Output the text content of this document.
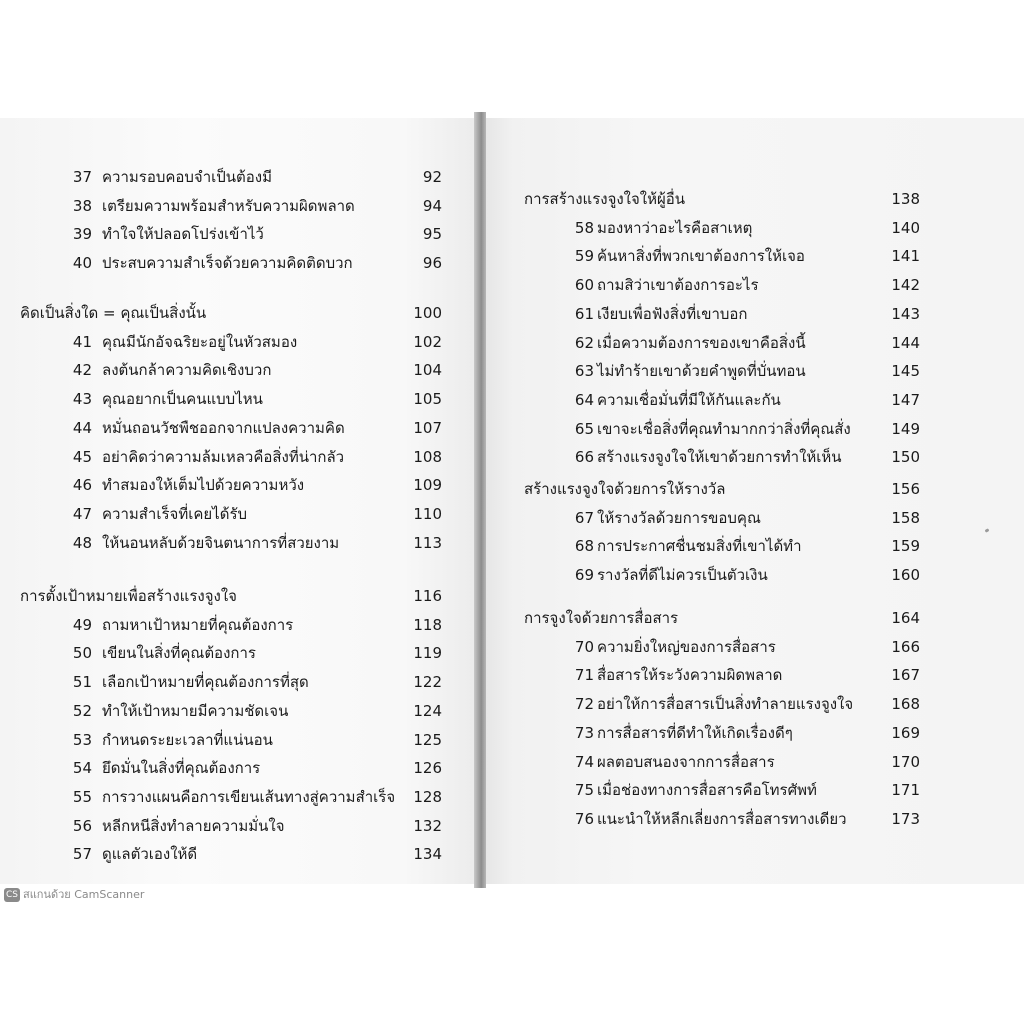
37 ความรอบคอบจำเป็นต้องมี	92
38 เตรียมความพร้อมสำหรับความผิดพลาด	94
39 ทำใจให้ปลอดโปร่งเข้าไว้	95
40 ประสบความสำเร็จด้วยความคิดติดบวก	96
คิดเป็นสิ่งใด = คุณเป็นสิ่งนั้น	100
41 คุณมีนักอัจฉริยะอยู่ในหัวสมอง	102
42 ลงต้นกล้าความคิดเชิงบวก	104
43 คุณอยากเป็นคนแบบไหน	105
44 หมั่นถอนวัชพืชออกจากแปลงความคิด	107
45 อย่าคิดว่าความล้มเหลวคือสิ่งที่น่ากลัว	108
46 ทำสมองให้เต็มไปด้วยความหวัง	109
47 ความสำเร็จที่เคยได้รับ	110
48 ให้นอนหลับด้วยจินตนาการที่สวยงาม	113
การตั้งเป้าหมายเพื่อสร้างแรงจูงใจ	116
49 ถามหาเป้าหมายที่คุณต้องการ	118
50 เขียนในสิ่งที่คุณต้องการ	119
51 เลือกเป้าหมายที่คุณต้องการที่สุด	122
52 ทำให้เป้าหมายมีความชัดเจน	124
53 กำหนดระยะเวลาที่แน่นอน	125
54 ยึดมั่นในสิ่งที่คุณต้องการ	126
55 การวางแผนคือการเขียนเส้นทางสู่ความสำเร็จ	128
56 หลีกหนีสิ่งทำลายความมั่นใจ	132
57 ดูแลตัวเองให้ดี	134
การสร้างแรงจูงใจให้ผู้อื่น	138
58 มองหาว่าอะไรคือสาเหตุ	140
59 ค้นหาสิ่งที่พวกเขาต้องการให้เจอ	141
60 ถามสิว่าเขาต้องการอะไร	142
61 เงียบเพื่อฟังสิ่งที่เขาบอก	143
62 เมื่อความต้องการของเขาคือสิ่งนี้	144
63 ไม่ทำร้ายเขาด้วยคำพูดที่บั่นทอน	145
64 ความเชื่อมั่นที่มีให้กันและกัน	147
65 เขาจะเชื่อสิ่งที่คุณทำมากกว่าสิ่งที่คุณสั่ง	149
66 สร้างแรงจูงใจให้เขาด้วยการทำให้เห็น	150
สร้างแรงจูงใจด้วยการให้รางวัล	156
67 ให้รางวัลด้วยการขอบคุณ	158
68 การประกาศชื่นชมสิ่งที่เขาได้ทำ	159
69 รางวัลที่ดีไม่ควรเป็นตัวเงิน	160
การจูงใจด้วยการสื่อสาร	164
70 ความยิ่งใหญ่ของการสื่อสาร	166
71 สื่อสารให้ระวังความผิดพลาด	167
72 อย่าให้การสื่อสารเป็นสิ่งทำลายแรงจูงใจ	168
73 การสื่อสารที่ดีทำให้เกิดเรื่องดีๆ	169
74 ผลตอบสนองจากการสื่อสาร	170
75 เมื่อช่องทางการสื่อสารคือโทรศัพท์	171
76 แนะนำให้หลีกเลี่ยงการสื่อสารทางเดียว	173
CS สแกนด้วย CamScanner
